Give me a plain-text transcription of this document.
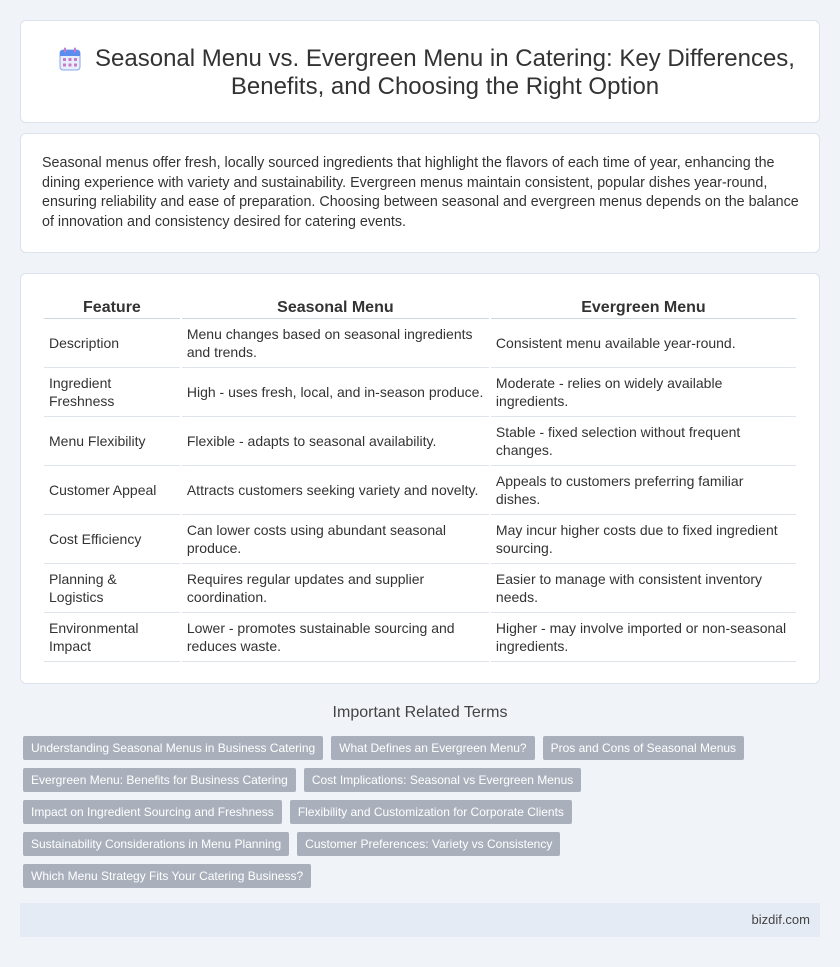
Seasonal Menu vs. Evergreen Menu in Catering: Key Differences, Benefits, and Choosing the Right Option

Seasonal menus offer fresh, locally sourced ingredients that highlight the flavors of each time of year, enhancing the dining experience with variety and sustainability. Evergreen menus maintain consistent, popular dishes year-round, ensuring reliability and ease of preparation. Choosing between seasonal and evergreen menus depends on the balance of innovation and consistency desired for catering events.

Feature	Seasonal Menu	Evergreen Menu
Description	Menu changes based on seasonal ingredients and trends.	Consistent menu available year-round.
Ingredient Freshness	High - uses fresh, local, and in-season produce.	Moderate - relies on widely available ingredients.
Menu Flexibility	Flexible - adapts to seasonal availability.	Stable - fixed selection without frequent changes.
Customer Appeal	Attracts customers seeking variety and novelty.	Appeals to customers preferring familiar dishes.
Cost Efficiency	Can lower costs using abundant seasonal produce.	May incur higher costs due to fixed ingredient sourcing.
Planning & Logistics	Requires regular updates and supplier coordination.	Easier to manage with consistent inventory needs.
Environmental Impact	Lower - promotes sustainable sourcing and reduces waste.	Higher - may involve imported or non-seasonal ingredients.
Important Related Terms
Understanding Seasonal Menus in Business Catering	What Defines an Evergreen Menu?	Pros and Cons of Seasonal Menus
Evergreen Menu: Benefits for Business Catering	Cost Implications: Seasonal vs Evergreen Menus
Impact on Ingredient Sourcing and Freshness	Flexibility and Customization for Corporate Clients
Sustainability Considerations in Menu Planning	Customer Preferences: Variety vs Consistency
Which Menu Strategy Fits Your Catering Business?
bizdif.com
